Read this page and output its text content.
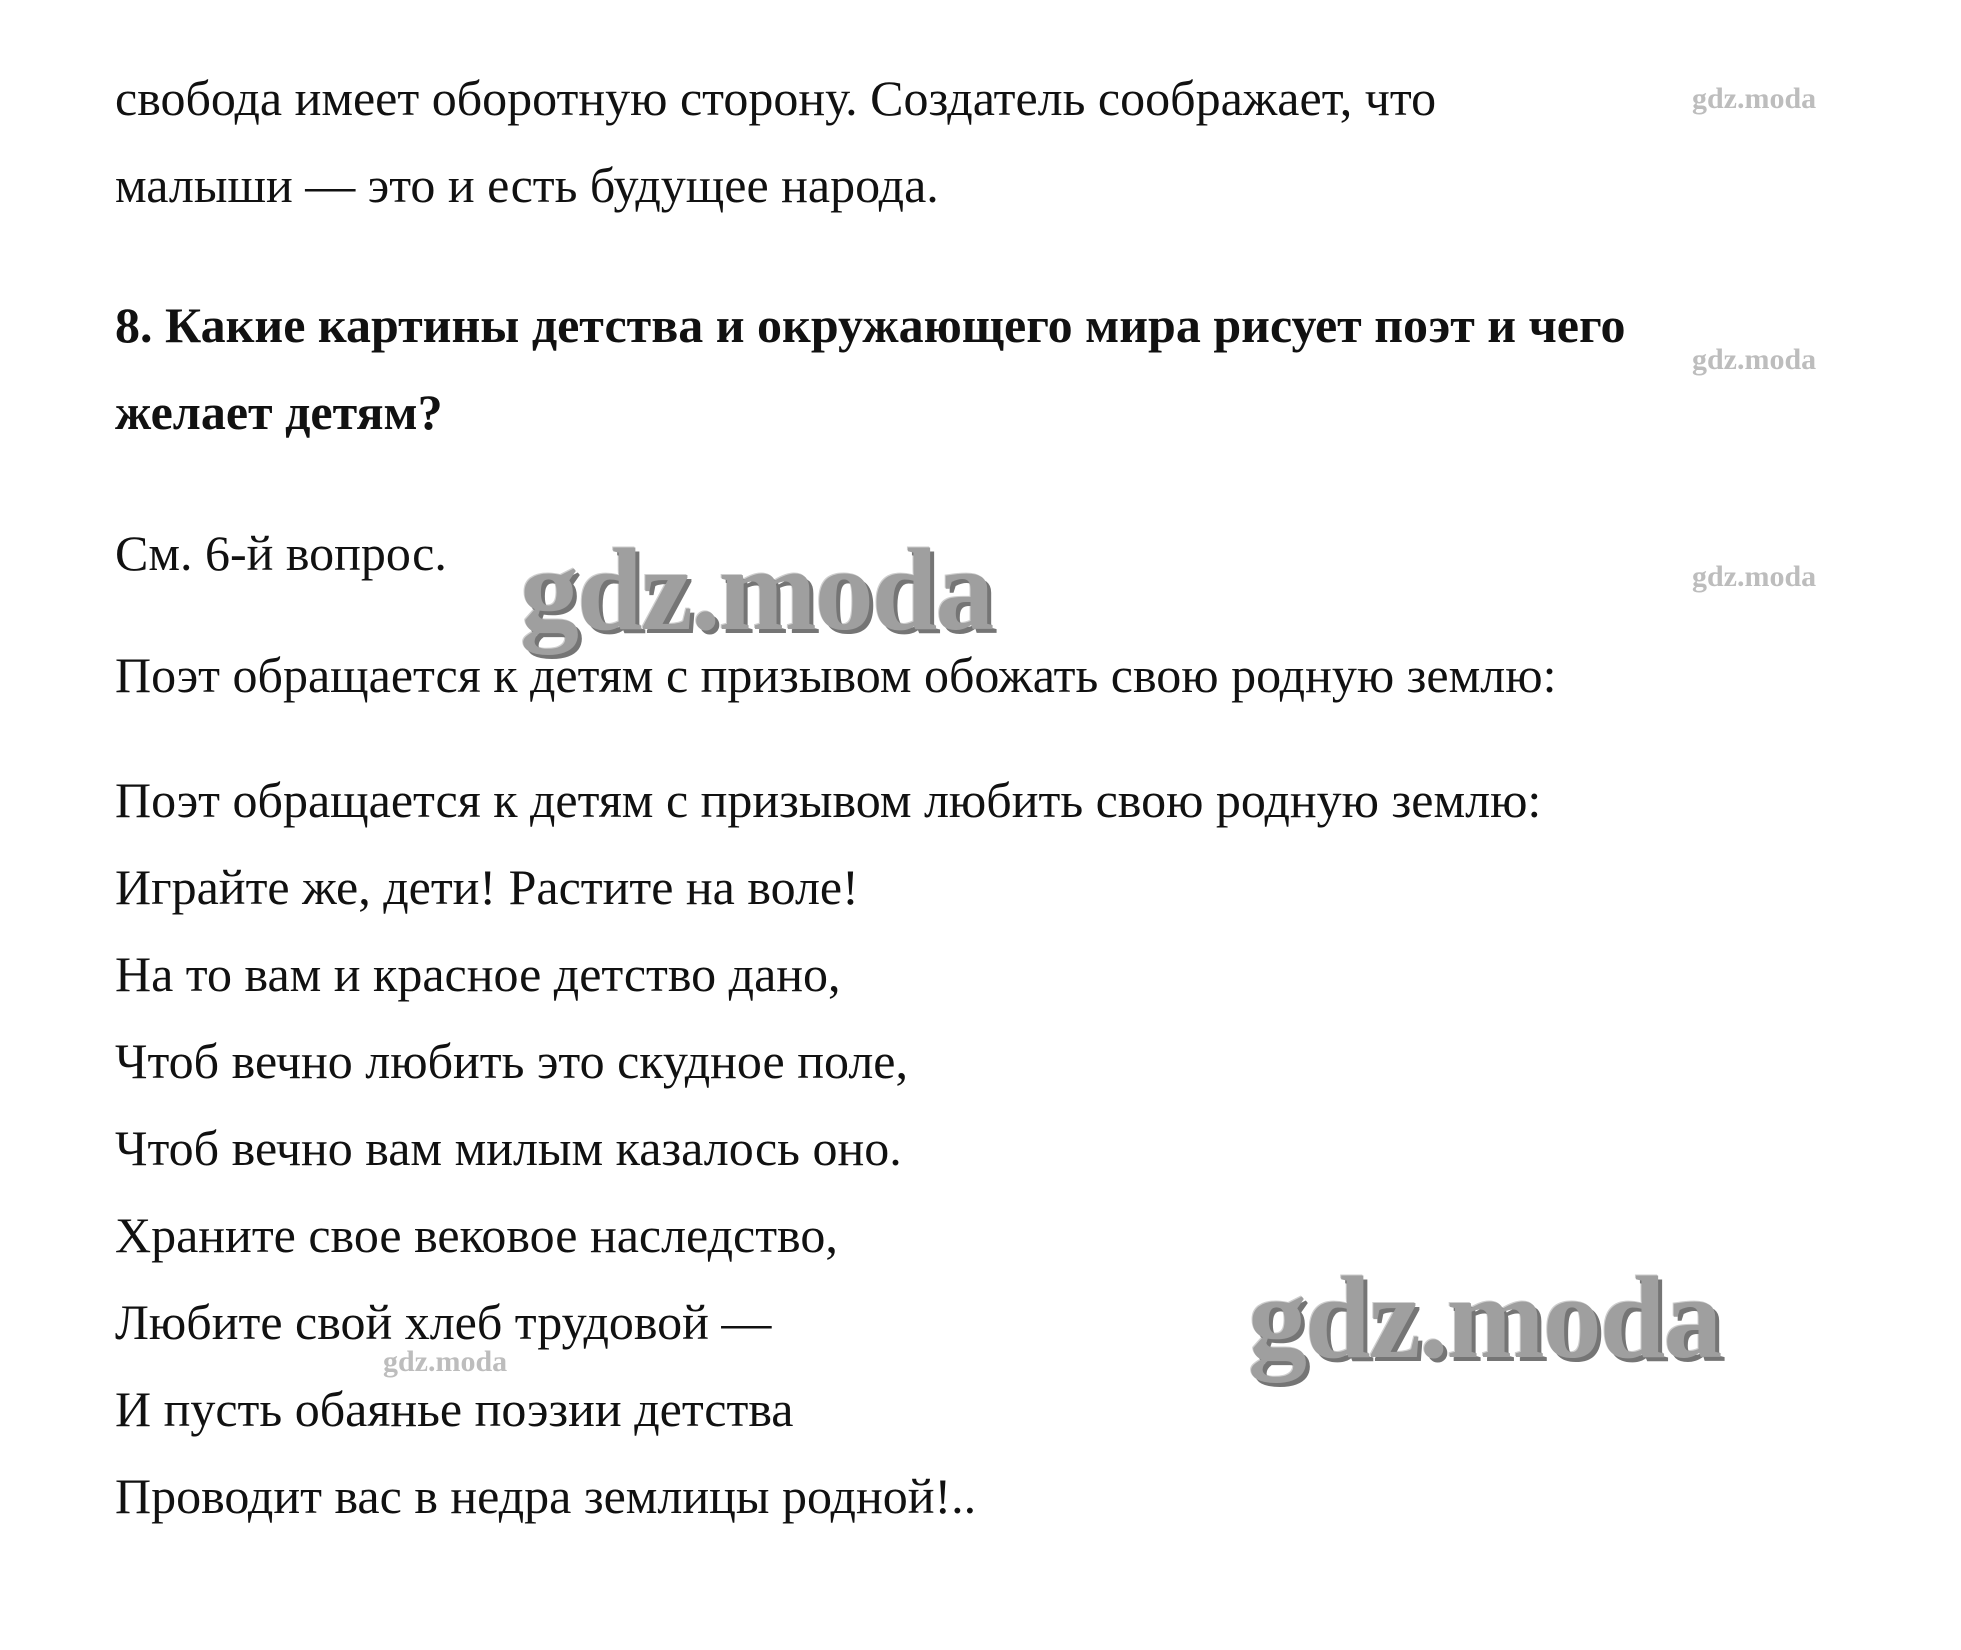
свобода имеет оборотную сторону. Создатель соображает, что
малыши — это и есть будущее народа.
8. Какие картины детства и окружающего мира рисует поэт и чего
желает детям?
См. 6-й вопрос.
Поэт обращается к детям с призывом обожать свою родную землю:
Поэт обращается к детям с призывом любить свою родную землю:
Играйте же, дети! Растите на воле!
На то вам и красное детство дано,
Чтоб вечно любить это скудное поле,
Чтоб вечно вам милым казалось оно.
Храните свое вековое наследство,
Любите свой хлеб трудовой —
И пусть обаянье поэзии детства
Проводит вас в недра землицы родной!..
gdz.moda
gdz.moda
gdz.moda
gdz.moda
gdz.moda
gdz.moda
